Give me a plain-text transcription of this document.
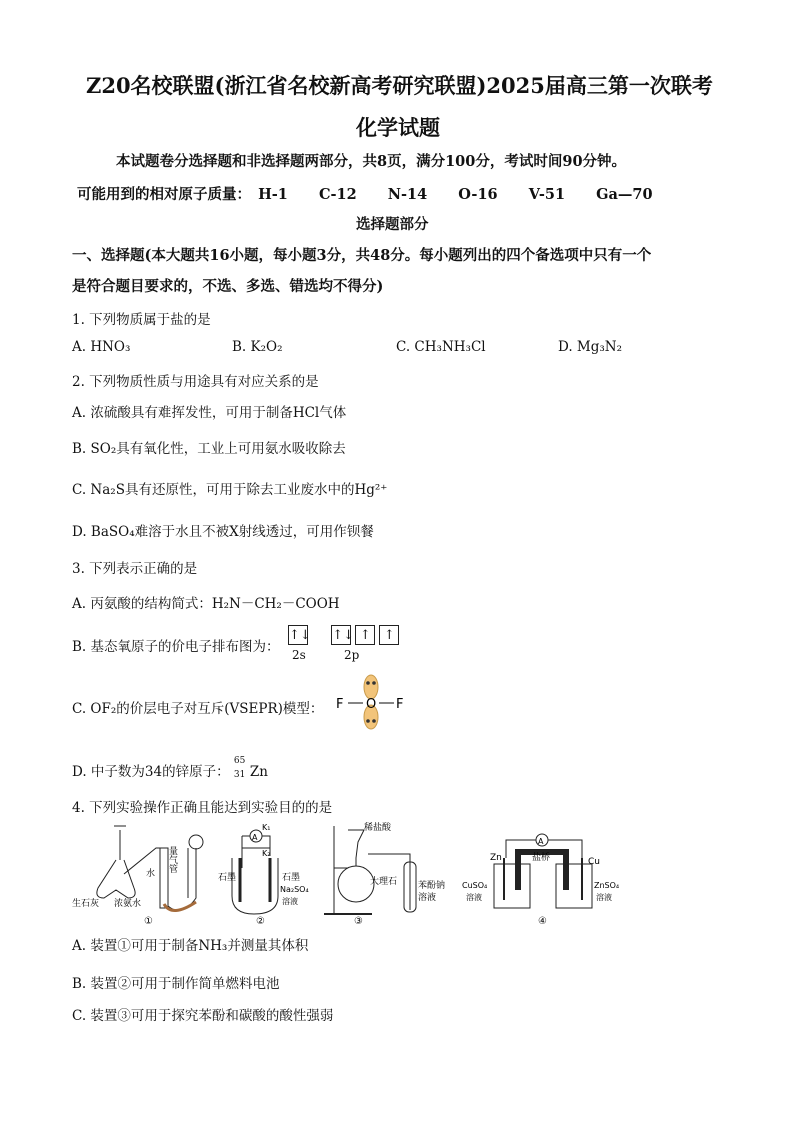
Z20名校联盟(浙江省名校新高考研究联盟)2025届高三第一次联考
化学试题
本试题卷分选择题和非选择题两部分，共8页，满分100分，考试时间90分钟。
可能用到的相对原子质量： H-1 C-12 N-14 O-16 V-51 Ga—70
选择题部分
一、选择题(本大题共16小题，每小题3分，共48分。每小题列出的四个备选项中只有一个
是符合题目要求的，不选、多选、错选均不得分)
1. 下列物质属于盐的是
A. HNO₃	B. K₂O₂	C. CH₃NH₃Cl	D. Mg₃N₂
2. 下列物质性质与用途具有对应关系的是
A. 浓硫酸具有难挥发性，可用于制备HCl气体
B. SO₂具有氧化性，工业上可用氨水吸收除去
C. Na₂S具有还原性，可用于除去工业废水中的Hg²⁺
D. BaSO₄难溶于水且不被X射线透过，可用作钡餐
3. 下列表示正确的是
A. 丙氨酸的结构简式：H₂N－CH₂－COOH
B. 基态氧原子的价电子排布图为：
↑↓ ↑↓ ↑ ↑
2s	2p
C. OF₂的价层电子对互斥(VSEPR)模型： F O F
D. 中子数为34的锌原子：
65
31 Zn
4. 下列实验操作正确且能达到实验目的的是
生石灰 浓氨水
水
量气管
①
A
K₁
K₂
石墨	石墨
Na₂SO₄
溶液
②
稀盐酸
大理石 苯酚钠
溶液
③
A
Zn	Cu
盐桥
CuSO₄
溶液
ZnSO₄
溶液
④
A. 装置①可用于制备NH₃并测量其体积
B. 装置②可用于制作简单燃料电池
C. 装置③可用于探究苯酚和碳酸的酸性强弱
